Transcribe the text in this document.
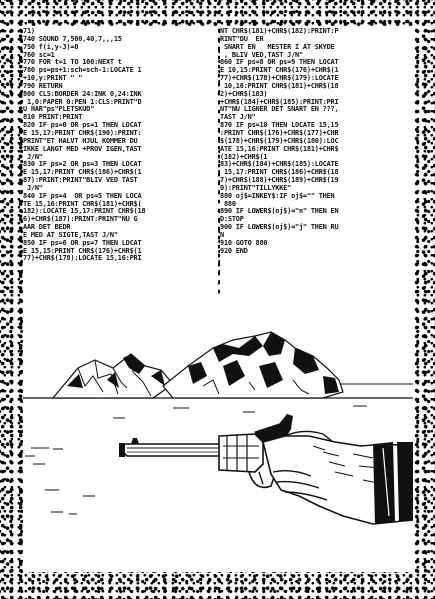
71)
740 SOUND 7,500,40,7,,,15
750 f(i,y-3)=0
760 sc=1
770 FOR t=1 TO 100:NEXT t
780 ps=ps+1:sch=sch-1:LOCATE 1
+10,y:PRINT " "
790 RETURN
800 CLS:BORDER 24:INK 0,24:INK
1,0:PAPER 0:PEN 1:CLS:PRINT"D
U HAR"ps"PLETSKUD"
810 PRINT:PRINT
820 IF ps=0 OR ps=1 THEN LOCAT
E 15,17:PRINT CHR$(190):PRINT:
PRINT"ET HALVT HJUL KOMMER DU
IKKE LANGT MED +PROV IGEN,TAST
J/N"
830 IF ps=2 OR ps=3 THEN LOCAT
E 15,17:PRINT CHR$(186)+CHR$(1
87):PRINT:PRINT"BLIV VED TAST
J/N"
840 IF ps=4  OR ps=5 THEN LOCA
TE 15,16:PRINT CHR$(181)+CHR$(
182):LOCATE 15,17:PRINT CHR$(18
6)+CHR$(187):PRINT:PRINT"NU G
AAR DET BEDR
E MED AT SIGTE,TAST J/N"
850 IF ps=6 OR ps=7 THEN LOCAT
E 15,15:PRINT CHR$(176)+CHR$(1
77)+CHR$(178):LOCATE 15,16:PRI
NT CHR$(181)+CHR$(182):PRINT:P
RINT"DU  ER
SNART EN   MESTER I AT SKYDE
, BLIV VED,TAST J/N"
860 IF ps=8 OR ps=9 THEN LOCAT
E 10,15:PRINT CHR$(176)+CHR$(1
77)+CHR$(178)+CHR$(179):LOCATE
10,16:PRINT CHR$(181)+CHR$(18
2)+CHR$(183)
+CHR$(184)+CHR$(185):PRINT:PRI
NT"NU LIGNER DET SNART EN ???,
TAST J/N"
870 IF ps=10 THEN LOCATE 15,15
:PRINT CHR$(176)+CHR$(177)+CHR
$(178)+CHR$(179)+CHR$(180):LOC
ATE 15,16:PRINT CHR$(181)+CHR$
(182)+CHR$(1
83)+CHR$(184)+CHR$(185):LOCATE
15,17:PRINT CHR$(186)+CHR$(18
7)+CHR$(188)+CHR$(189)+CHR$(19
0):PRINT"TILLYKKE"
880 oj$=INKEY$:IF oj$="" THEN
880
890 IF LOWER$(oj$)="n" THEN EN
D:STOP
900 IF LOWER$(oj$)="j" THEN RU
N
910 GOTO 880
920 END
